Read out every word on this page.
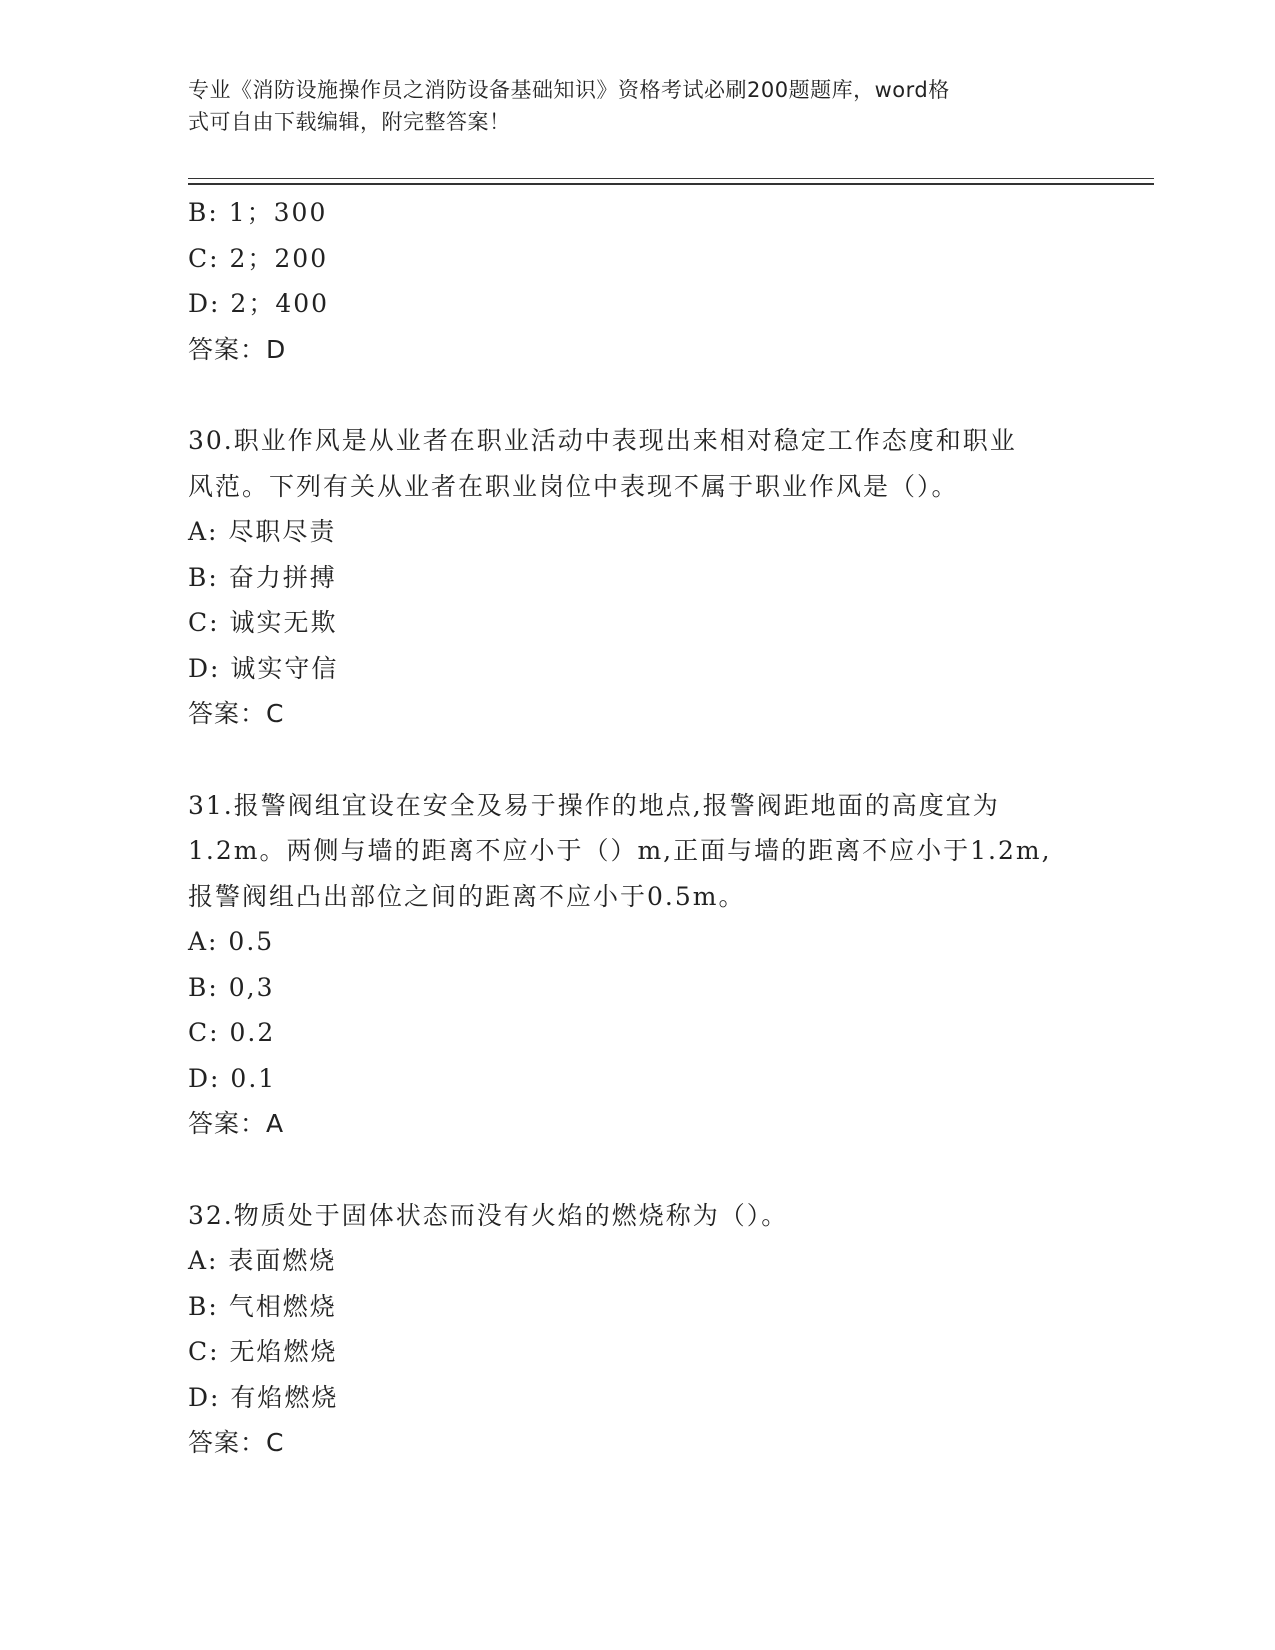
专业《消防设施操作员之消防设备基础知识》资格考试必刷200题题库，word格
式可自由下载编辑，附完整答案！
B: 1；300
C: 2；200
D: 2；400
答案：D
30.职业作风是从业者在职业活动中表现出来相对稳定工作态度和职业
风范。下列有关从业者在职业岗位中表现不属于职业作风是（）。
A: 尽职尽责
B: 奋力拼搏
C: 诚实无欺
D: 诚实守信
答案：C
31.报警阀组宜设在安全及易于操作的地点,报警阀距地面的高度宜为
1.2m。两侧与墙的距离不应小于（）m,正面与墙的距离不应小于1.2m,
报警阀组凸出部位之间的距离不应小于0.5m。
A: 0.5
B: 0,3
C: 0.2
D: 0.1
答案：A
32.物质处于固体状态而没有火焰的燃烧称为（）。
A: 表面燃烧
B: 气相燃烧
C: 无焰燃烧
D: 有焰燃烧
答案：C
